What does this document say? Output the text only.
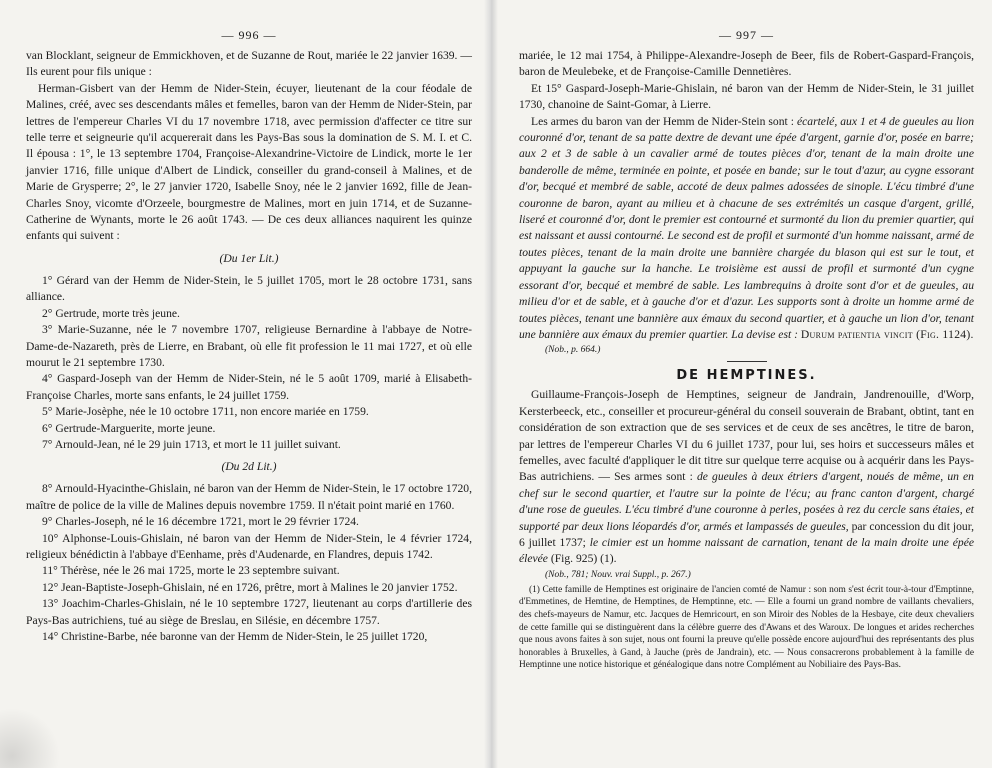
— 996 —

van Blocklant, seigneur de Emmickhoven, et de Suzanne de Rout, mariée le 22 janvier 1639. — Ils eurent pour fils unique :

Herman-Gisbert van der Hemm de Nider-Stein, écuyer, lieutenant de la cour féodale de Malines, créé, avec ses descendants mâles et femelles, baron van der Hemm de Nider-Stein, par lettres de l'empereur Charles VI du 17 novembre 1718, avec permission d'affecter ce titre sur telle terre et seigneurie qu'il acquererait dans les Pays-Bas sous la domination de S. M. I. et C. Il épousa : 1°, le 13 septembre 1704, Françoise-Alexandrine-Victoire de Lindick, morte le 1er janvier 1716, fille unique d'Albert de Lindick, conseiller du grand-conseil à Malines, et de Marie de Grysperre; 2°, le 27 janvier 1720, Isabelle Snoy, née le 2 janvier 1692, fille de Jean-Charles Snoy, vicomte d'Orzeele, bourgmestre de Malines, mort en juin 1714, et de Suzanne-Catherine de Wynants, morte le 26 août 1743. — De ces deux alliances naquirent les quinze enfants qui suivent :

(Du 1er Lit.)

1° Gérard van der Hemm de Nider-Stein, le 5 juillet 1705, mort le 28 octobre 1731, sans alliance.

2° Gertrude, morte très jeune.

3° Marie-Suzanne, née le 7 novembre 1707, religieuse Bernardine à l'abbaye de Notre-Dame-de-Nazareth, près de Lierre, en Brabant, où elle fit profession le 11 mai 1727, et où elle mourut le 21 septembre 1730.

4° Gaspard-Joseph van der Hemm de Nider-Stein, né le 5 août 1709, marié à Elisabeth-Françoise Charles, morte sans enfants, le 24 juillet 1759.

5° Marie-Josèphe, née le 10 octobre 1711, non encore mariée en 1759.

6° Gertrude-Marguerite, morte jeune.

7° Arnould-Jean, né le 29 juin 1713, et mort le 11 juillet suivant.

(Du 2d Lit.)

8° Arnould-Hyacinthe-Ghislain, né baron van der Hemm de Nider-Stein, le 17 octobre 1720, maître de police de la ville de Malines depuis novembre 1759. Il n'était point marié en 1760.

9° Charles-Joseph, né le 16 décembre 1721, mort le 29 février 1724.

10° Alphonse-Louis-Ghislain, né baron van der Hemm de Nider-Stein, le 4 février 1724, religieux bénédictin à l'abbaye d'Eenhame, près d'Audenarde, en Flandres, depuis 1742.

11° Thérèse, née le 26 mai 1725, morte le 23 septembre suivant.

12° Jean-Baptiste-Joseph-Ghislain, né en 1726, prêtre, mort à Malines le 20 janvier 1752.

13° Joachim-Charles-Ghislain, né le 10 septembre 1727, lieutenant au corps d'artillerie des Pays-Bas autrichiens, tué au siège de Breslau, en Silésie, en décembre 1757.

14° Christine-Barbe, née baronne van der Hemm de Nider-Stein, le 25 juillet 1720,

— 997 —

mariée, le 12 mai 1754, à Philippe-Alexandre-Joseph de Beer, fils de Robert-Gaspard-François, baron de Meulebeke, et de Françoise-Camille Dennetières.

Et 15° Gaspard-Joseph-Marie-Ghislain, né baron van der Hemm de Nider-Stein, le 31 juillet 1730, chanoine de Saint-Gomar, à Lierre.

Les armes du baron van der Hemm de Nider-Stein sont : écartelé, aux 1 et 4 de gueules au lion couronné d'or, tenant de sa patte dextre de devant une épée d'argent, garnie d'or, posée en barre; aux 2 et 3 de sable à un cavalier armé de toutes pièces d'or, tenant de la main droite une banderolle de même, terminée en pointe, et posée en bande; sur le tout d'azur, au cygne essorant d'or, becqué et membré de sable, accoté de deux palmes adossées de sinople. L'écu timbré d'une couronne de baron, ayant au milieu et à chacune de ses extrémités un casque d'argent, grillé, liseré et couronné d'or, dont le premier est contourné et surmonté du lion du premier quartier, qui est naissant et aussi contourné. Le second est de profil et surmonté d'un homme naissant, armé de toutes pièces, tenant de la main droite une bannière chargée du blason qui est sur le tout, et appuyant la gauche sur la hanche. Le troisième est aussi de profil et surmonté d'un cygne essorant d'or, becqué et membré de sable. Les lambrequins à droite sont d'or et de gueules, au milieu d'or et de sable, et à gauche d'or et d'azur. Les supports sont à droite un homme armé de toutes pièces, tenant une bannière aux émaux du second quartier, et à gauche un lion d'or, tenant une bannière aux émaux du premier quartier. La devise est : Durum patientia vincit (Fig. 1124).

(Nob., p. 664.)
DE HEMPTINES.

Guillaume-François-Joseph de Hemptines, seigneur de Jandrain, Jandrenouille, d'Worp, Kersterbeeck, etc., conseiller et procureur-général du conseil souverain de Brabant, obtint, tant en considération de son extraction que de ses services et de ceux de ses ancêtres, le titre de baron, par lettres de l'empereur Charles VI du 6 juillet 1737, pour lui, ses hoirs et successeurs mâles et femelles, avec faculté d'appliquer le dit titre sur quelque terre acquise ou à acquérir dans les Pays-Bas autrichiens. — Ses armes sont : de gueules à deux étriers d'argent, noués de même, un en chef sur le second quartier, et l'autre sur la pointe de l'écu; au franc canton d'argent, chargé d'une rose de gueules. L'écu timbré d'une couronne à perles, posées à rez du cercle sans étaies, et supporté par deux lions léopardés d'or, armés et lampassés de gueules, par concession du dit jour, 6 juillet 1737; le cimier est un homme naissant de carnation, tenant de la main droite une épée élevée (Fig. 925) (1).

(Nob., 781; Nouv. vrai Suppl., p. 267.)

(1) Cette famille de Hemptines est originaire de l'ancien comté de Namur : son nom s'est écrit tour-à-tour d'Emptinne, d'Emmetines, de Hemtine, de Hemptines, de Hemptinne, etc. — Elle a fourni un grand nombre de vaillants chevaliers, des chefs-mayeurs de Namur, etc. Jacques de Hemricourt, en son Miroir des Nobles de la Hesbaye, cite deux chevaliers de cette famille qui se distinguèrent dans la célèbre guerre des d'Awans et des Waroux. De longues et arides recherches que nous avons faites à son sujet, nous ont fourni la preuve qu'elle possède encore aujourd'hui des représentants des plus honorables à Bruxelles, à Gand, à Jauche (près de Jandrain), etc. — Nous consacrerons probablement à la famille de Hemptinne une notice historique et généalogique dans notre Complément au Nobiliaire des Pays-Bas.
